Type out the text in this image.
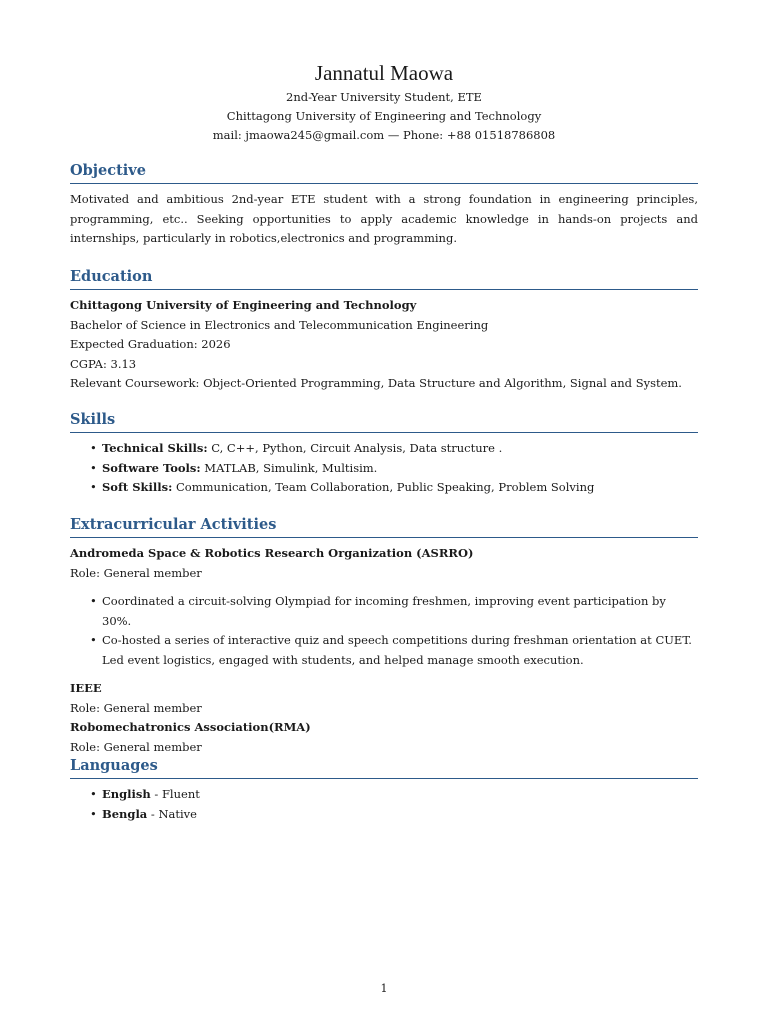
Jannatul Maowa

2nd-Year University Student, ETE

Chittagong University of Engineering and Technology

mail: jmaowa245@gmail.com — Phone: +88 01518786808

Objective

Motivated and ambitious 2nd-year ETE student with a strong foundation in engineering principles, programming, etc.. Seeking opportunities to apply academic knowledge in hands-on projects and internships, particularly in robotics,electronics and programming.

Education

Chittagong University of Engineering and Technology

Bachelor of Science in Electronics and Telecommunication Engineering

Expected Graduation: 2026

CGPA: 3.13

Relevant Coursework: Object-Oriented Programming, Data Structure and Algorithm, Signal and System.

Skills
• Technical Skills: C, C++, Python, Circuit Analysis, Data structure .
• Software Tools: MATLAB, Simulink, Multisim.
• Soft Skills: Communication, Team Collaboration, Public Speaking, Problem Solving
Extracurricular Activities

Andromeda Space & Robotics Research Organization (ASRRO)

Role: General member

• Coordinated a circuit-solving Olympiad for incoming freshmen, improving event participation by 30%.
• Co-hosted a series of interactive quiz and speech competitions during freshman orientation at CUET. Led event logistics, engaged with students, and helped manage smooth execution.

IEEE

Role: General member

Robomechatronics Association(RMA)

Role: General member

Languages
• English - Fluent
• Bengla - Native
1
